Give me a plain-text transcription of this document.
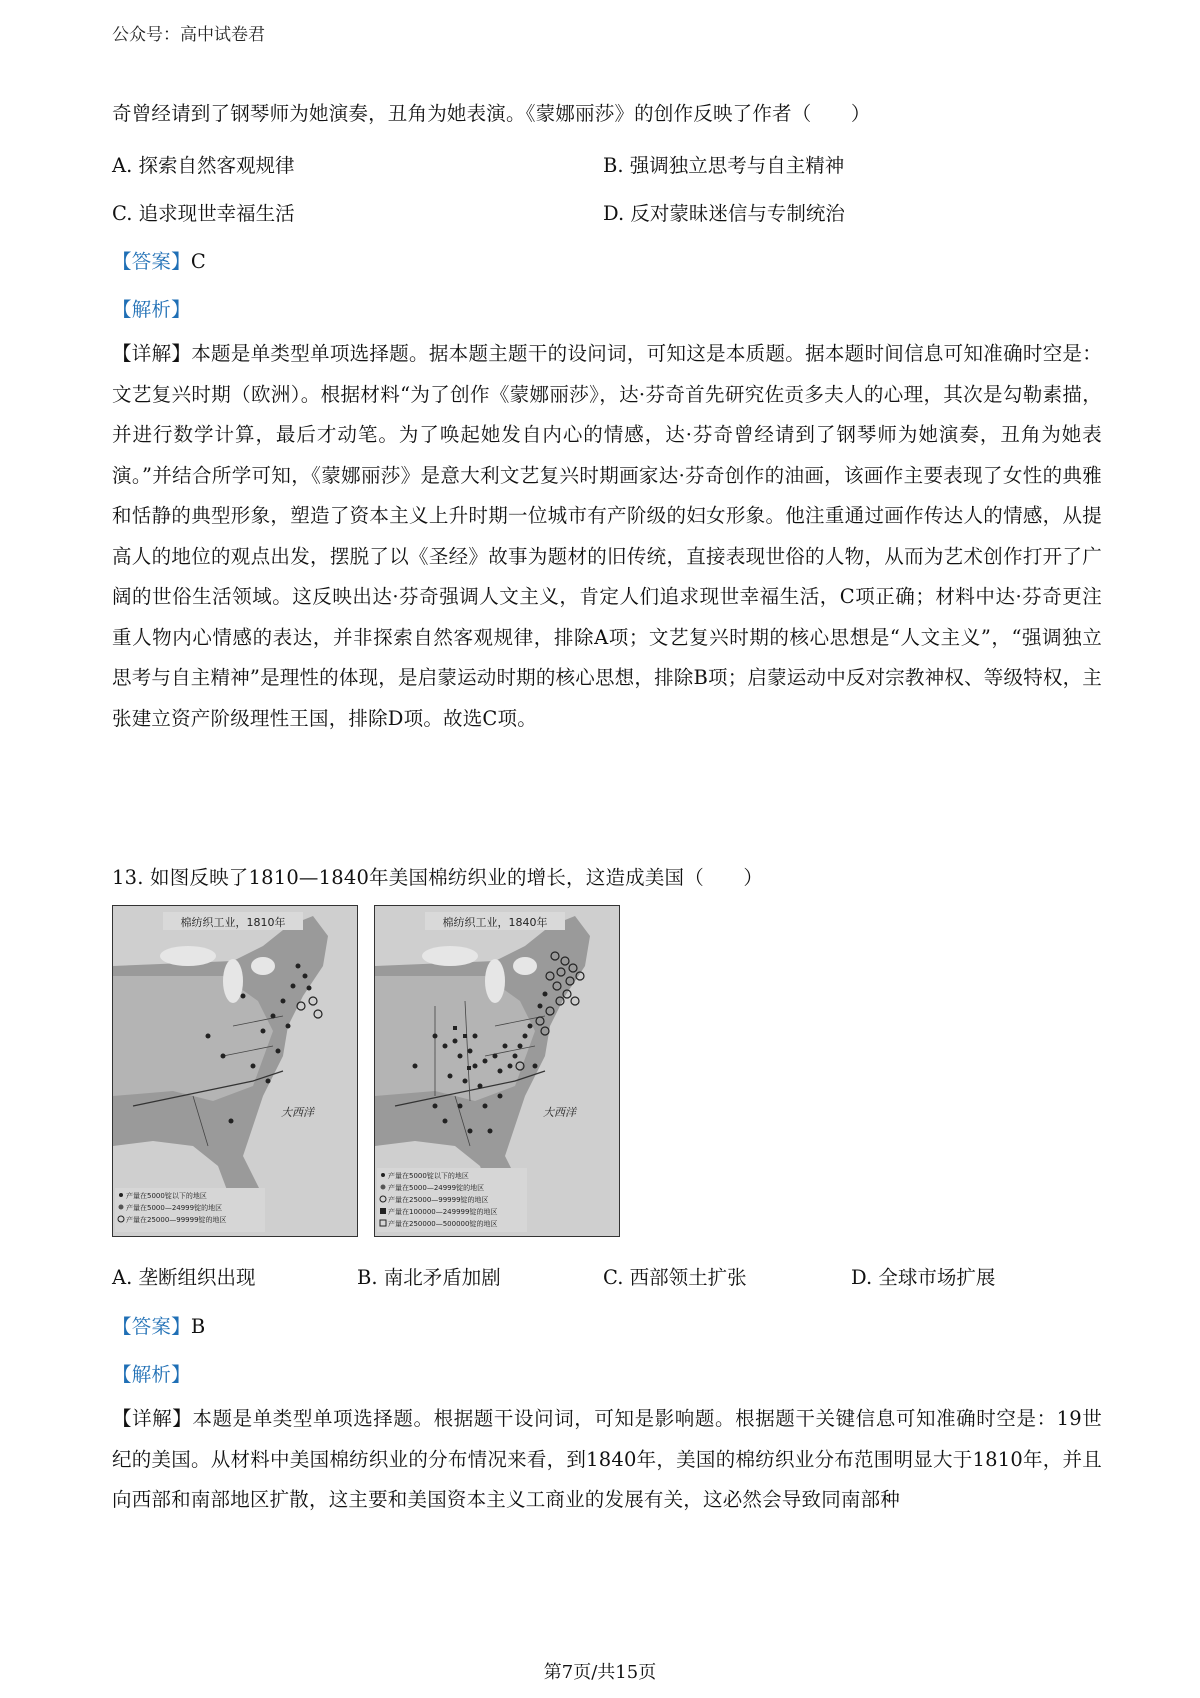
公众号：高中试卷君
奇曾经请到了钢琴师为她演奏，丑角为她表演。《蒙娜丽莎》的创作反映了作者（　　）
A. 探索自然客观规律	B. 强调独立思考与自主精神
C. 追求现世幸福生活	D. 反对蒙昧迷信与专制统治
【答案】C
【解析】

【详解】本题是单类型单项选择题。据本题主题干的设问词，可知这是本质题。据本题时间信息可知准确时空是：文艺复兴时期（欧洲）。根据材料“为了创作《蒙娜丽莎》，达·芬奇首先研究佐贡多夫人的心理，其次是勾勒素描，并进行数学计算，最后才动笔。为了唤起她发自内心的情感，达·芬奇曾经请到了钢琴师为她演奏，丑角为她表演。”并结合所学可知，《蒙娜丽莎》是意大利文艺复兴时期画家达·芬奇创作的油画，该画作主要表现了女性的典雅和恬静的典型形象，塑造了资本主义上升时期一位城市有产阶级的妇女形象。他注重通过画作传达人的情感，从提高人的地位的观点出发，摆脱了以《圣经》故事为题材的旧传统，直接表现世俗的人物，从而为艺术创作打开了广阔的世俗生活领域。这反映出达·芬奇强调人文主义，肯定人们追求现世幸福生活，C项正确；材料中达·芬奇更注重人物内心情感的表达，并非探索自然客观规律，排除A项；文艺复兴时期的核心思想是“人文主义”，“强调独立思考与自主精神”是理性的体现，是启蒙运动时期的核心思想，排除B项；启蒙运动中反对宗教神权、等级特权，主张建立资产阶级理性王国，排除D项。故选C项。

13. 如图反映了1810—1840年美国棉纺织业的增长，这造成美国（　　）
大西洋
棉纺织工业，1810年
产量在5000锭以下的地区
产量在5000—24999锭的地区
产量在25000—99999锭的地区
大西洋
棉纺织工业，1840年
产量在5000锭以下的地区
产量在5000—24999锭的地区
产量在25000—99999锭的地区
产量在100000—249999锭的地区
产量在250000—500000锭的地区
A. 垄断组织出现	B. 南北矛盾加剧	C. 西部领土扩张	D. 全球市场扩展
【答案】B
【解析】

【详解】本题是单类型单项选择题。根据题干设问词，可知是影响题。根据题干关键信息可知准确时空是：19世纪的美国。从材料中美国棉纺织业的分布情况来看，到1840年，美国的棉纺织业分布范围明显大于1810年，并且向西部和南部地区扩散，这主要和美国资本主义工商业的发展有关，这必然会导致同南部种

第7页/共15页
